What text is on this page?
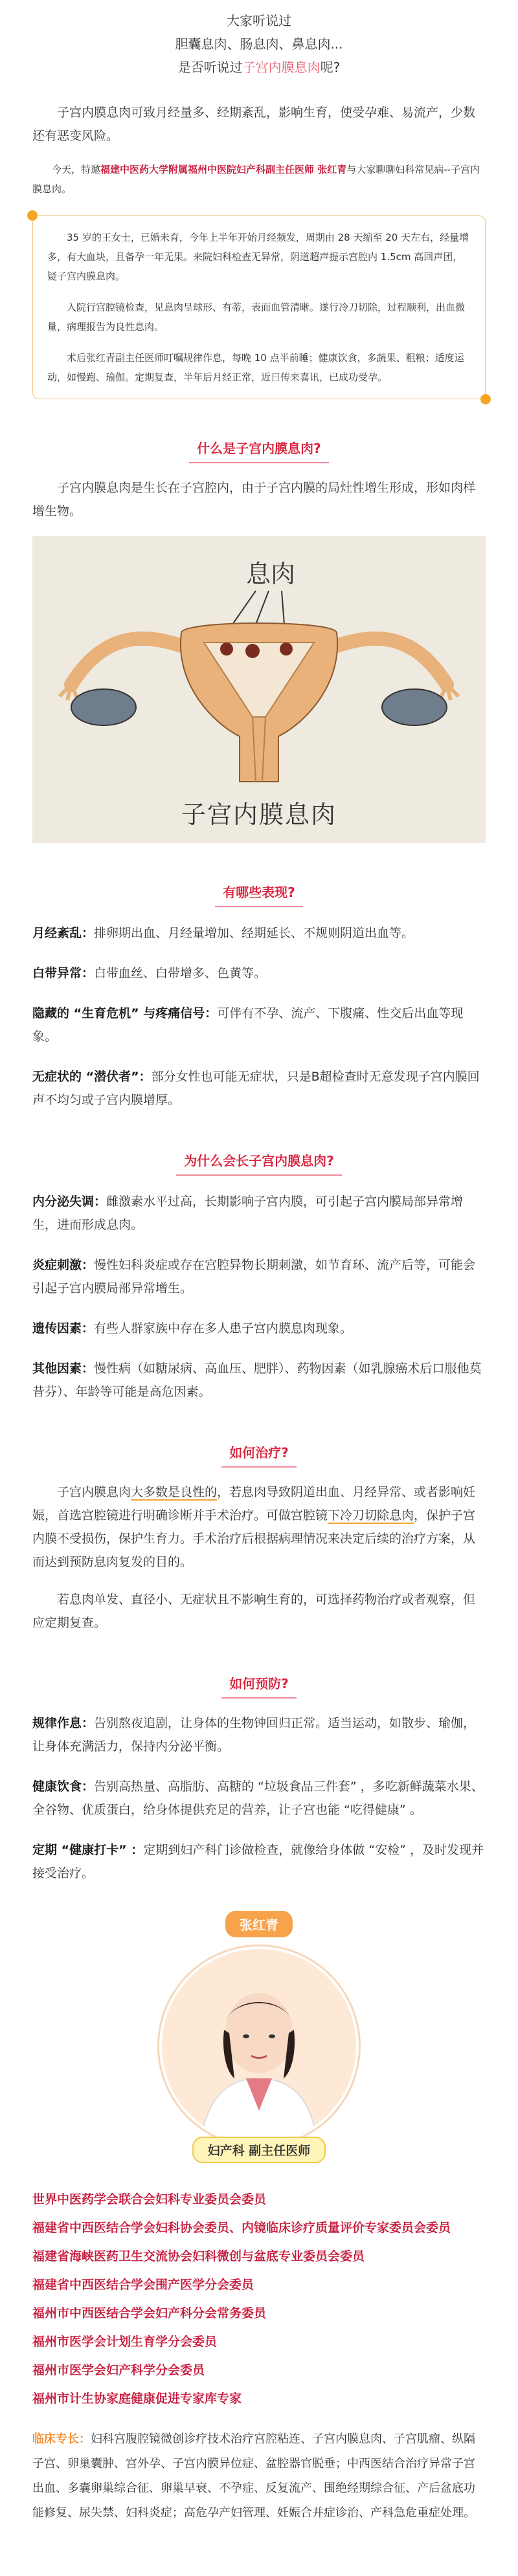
大家听说过
胆囊息肉、肠息肉、鼻息肉...
是否听说过子宫内膜息肉呢?

子宫内膜息肉可致月经量多、经期紊乱，影响生育，使受孕难、易流产，少数还有恶变风险。

今天，特邀福建中医药大学附属福州中医院妇产科副主任医师 张红青与大家聊聊妇科常见病--子宫内膜息肉。

35 岁的王女士，已婚未育，今年上半年开始月经频发，周期由 28 天缩至 20 天左右，经量增多，有大血块，且备孕一年无果。来院妇科检查无异常，阴道超声提示宫腔内 1.5cm 高回声团，疑子宫内膜息肉。

入院行宫腔镜检查，见息肉呈球形、有蒂，表面血管清晰。遂行冷刀切除，过程顺利，出血微量，病理报告为良性息肉。

术后张红青副主任医师叮嘱规律作息，每晚 10 点半前睡；健康饮食，多蔬果、粗粮；适度运动，如慢跑、瑜伽。定期复查，半年后月经正常，近日传来喜讯，已成功受孕。

什么是子宫内膜息肉?

子宫内膜息肉是生长在子宫腔内，由于子宫内膜的局灶性增生形成，形如肉样增生物。

息肉
子宫内膜息肉
有哪些表现?

月经紊乱：排卵期出血、月经量增加、经期延长、不规则阴道出血等。

白带异常：白带血丝、白带增多、色黄等。

隐藏的 “生育危机” 与疼痛信号：可伴有不孕、流产、下腹痛、性交后出血等现象。

无症状的 “潜伏者”：部分女性也可能无症状，只是B超检查时无意发现子宫内膜回声不均匀或子宫内膜增厚。

为什么会长子宫内膜息肉?

内分泌失调：雌激素水平过高，长期影响子宫内膜，可引起子宫内膜局部异常增生，进而形成息肉。

炎症刺激：慢性妇科炎症或存在宫腔异物长期刺激，如节育环、流产后等，可能会引起子宫内膜局部异常增生。

遗传因素：有些人群家族中存在多人患子宫内膜息肉现象。

其他因素：慢性病（如糖尿病、高血压、肥胖）、药物因素（如乳腺癌术后口服他莫昔芬）、年龄等可能是高危因素。

如何治疗?

子宫内膜息肉大多数是良性的，若息肉导致阴道出血、月经异常、或者影响妊娠，首选宫腔镜进行明确诊断并手术治疗。可做宫腔镜下冷刀切除息肉，保护子宫内膜不受损伤，保护生育力。手术治疗后根据病理情况来决定后续的治疗方案，从而达到预防息肉复发的目的。

若息肉单发、直径小、无症状且不影响生育的，可选择药物治疗或者观察，但应定期复查。

如何预防?

规律作息：告别熬夜追剧，让身体的生物钟回归正常。适当运动，如散步、瑜伽，让身体充满活力，保持内分泌平衡。

健康饮食：告别高热量、高脂肪、高糖的 “垃圾食品三件套” ，多吃新鲜蔬菜水果、全谷物、优质蛋白，给身体提供充足的营养，让子宫也能 “吃得健康” 。

定期 “健康打卡” ：定期到妇产科门诊做检查，就像给身体做 “安检” ，及时发现并接受治疗。

张红青
妇产科 副主任医师
世界中医药学会联合会妇科专业委员会委员
福建省中西医结合学会妇科协会委员、内镜临床诊疗质量评价专家委员会委员
福建省海峡医药卫生交流协会妇科微创与盆底专业委员会委员
福建省中西医结合学会围产医学分会委员
福州市中西医结合学会妇产科分会常务委员
福州市医学会计划生育学分会委员
福州市医学会妇产科学分会委员
福州市计生协家庭健康促进专家库专家

临床专长：妇科宫腹腔镜微创诊疗技术治疗宫腔粘连、子宫内膜息肉、子宫肌瘤、纵隔子宫、卵巢囊肿、宫外孕、子宫内膜异位症、盆腔器官脱垂；中西医结合治疗异常子宫出血、多囊卵巢综合征、卵巢早衰、不孕症、反复流产、围绝经期综合征、产后盆底功能修复、尿失禁、妇科炎症；高危孕产妇管理、妊娠合并症诊治、产科急危重症处理。
